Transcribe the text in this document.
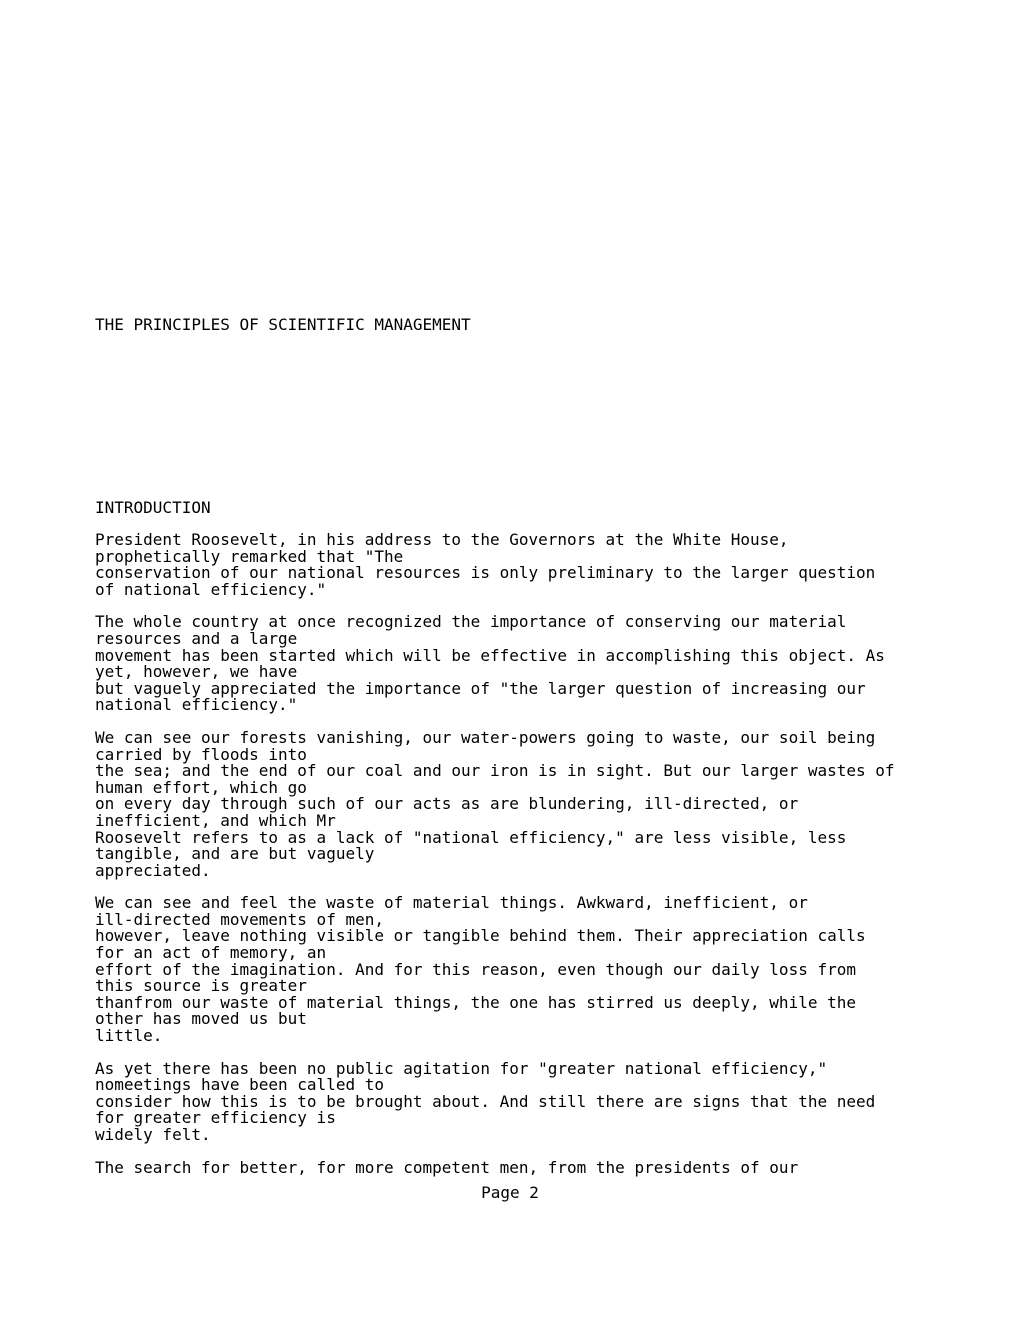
THE PRINCIPLES OF SCIENTIFIC MANAGEMENT
INTRODUCTION

President Roosevelt, in his address to the Governors at the White House,
prophetically remarked that "The
conservation of our national resources is only preliminary to the larger question
of national efficiency."

The whole country at once recognized the importance of conserving our material
resources and a large
movement has been started which will be effective in accomplishing this object. As
yet, however, we have
but vaguely appreciated the importance of "the larger question of increasing our
national efficiency."

We can see our forests vanishing, our water-powers going to waste, our soil being
carried by floods into
the sea; and the end of our coal and our iron is in sight. But our larger wastes of
human effort, which go
on every day through such of our acts as are blundering, ill-directed, or
inefficient, and which Mr
Roosevelt refers to as a lack of "national efficiency," are less visible, less
tangible, and are but vaguely
appreciated.

We can see and feel the waste of material things. Awkward, inefficient, or
ill-directed movements of men,
however, leave nothing visible or tangible behind them. Their appreciation calls
for an act of memory, an
effort of the imagination. And for this reason, even though our daily loss from
this source is greater
thanfrom our waste of material things, the one has stirred us deeply, while the
other has moved us but
little.

As yet there has been no public agitation for "greater national efficiency,"
nomeetings have been called to
consider how this is to be brought about. And still there are signs that the need
for greater efficiency is
widely felt.

The search for better, for more competent men, from the presidents of our

Page 2
